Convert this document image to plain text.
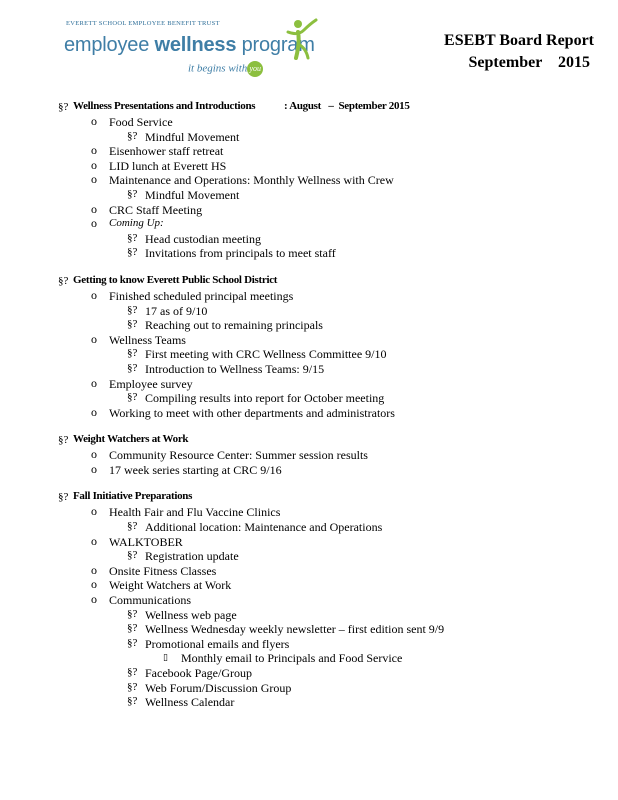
EVERETT SCHOOL EMPLOYEE BENEFIT TRUST
employee wellness program
it begins with you
ESEBT Board Report
September 2015
§? Wellness Presentations and Introductions	: August   –  September 2015
o Food Service
§? Mindful Movement
o Eisenhower staff retreat
o LID lunch at Everett HS
o Maintenance and Operations: Monthly Wellness with Crew
§? Mindful Movement
o CRC Staff Meeting
o Coming Up:
§? Head custodian meeting
§? Invitations from principals to meet staff
§? Getting to know Everett Public School District
o Finished scheduled principal meetings
§? 17 as of 9/10
§? Reaching out to remaining principals
o Wellness Teams
§? First meeting with CRC Wellness Committee 9/10
§? Introduction to Wellness Teams: 9/15
o Employee survey
§? Compiling results into report for October meeting
o Working to meet with other departments and administrators
§? Weight Watchers at Work
o Community Resource Center: Summer session results
o 17 week series starting at CRC 9/16
§? Fall Initiative Preparations
o Health Fair and Flu Vaccine Clinics
§? Additional location: Maintenance and Operations
o WALKTOBER
§? Registration update
o Onsite Fitness Classes
o Weight Watchers at Work
o Communications
§? Wellness web page
§? Wellness Wednesday weekly newsletter – first edition sent 9/9
§? Promotional emails and flyers
▯ Monthly email to Principals and Food Service
§? Facebook Page/Group
§? Web Forum/Discussion Group
§? Wellness Calendar
